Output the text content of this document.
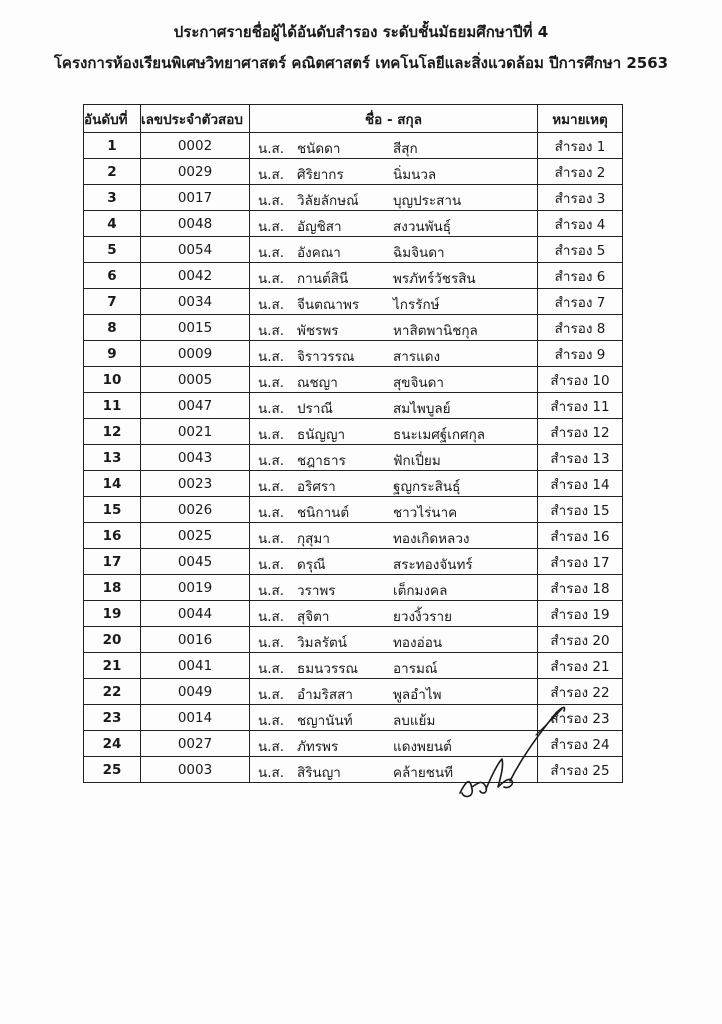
ประกาศรายชื่อผู้ได้อันดับสำรอง ระดับชั้นมัธยมศึกษาปีที่ 4
โครงการห้องเรียนพิเศษวิทยาศาสตร์ คณิตศาสตร์ เทคโนโลยีและสิ่งแวดล้อม ปีการศึกษา 2563
อันดับที่	เลขประจำตัวสอบ	ชื่อ - สกุล	หมายเหตุ
1	0002	น.ส. ชนัดดา สีสุก	สำรอง 1
2	0029	น.ส. ศิริยากร นิ่มนวล	สำรอง 2
3	0017	น.ส. วิลัยลักษณ์ บุญประสาน	สำรอง 3
4	0048	น.ส. อัญชิสา สงวนพันธุ์	สำรอง 4
5	0054	น.ส. อังคณา ฉิมจินดา	สำรอง 5
6	0042	น.ส. กานต์สินี พรภัทร์วัชรสิน	สำรอง 6
7	0034	น.ส. จีนตณาพร ไกรรักษ์	สำรอง 7
8	0015	น.ส. พัชรพร หาสิตพานิชกุล	สำรอง 8
9	0009	น.ส. จิราวรรณ สารแดง	สำรอง 9
10	0005	น.ส. ณชญา สุขจินดา	สำรอง 10
11	0047	น.ส. ปราณี สมไพบูลย์	สำรอง 11
12	0021	น.ส. ธนัญญา ธนะเมศฐ์เกศกุล	สำรอง 12
13	0043	น.ส. ชฎาธาร ฟักเปี่ยม	สำรอง 13
14	0023	น.ส. อริศรา ฐญกระสินธุ์	สำรอง 14
15	0026	น.ส. ชนิกานต์ ชาวไร่นาค	สำรอง 15
16	0025	น.ส. กุสุมา ทองเกิดหลวง	สำรอง 16
17	0045	น.ส. ดรุณี สระทองจันทร์	สำรอง 17
18	0019	น.ส. วราพร เต็กมงคล	สำรอง 18
19	0044	น.ส. สุจิตา ยวงงิ้วราย	สำรอง 19
20	0016	น.ส. วิมลรัตน์ ทองอ่อน	สำรอง 20
21	0041	น.ส. ธมนวรรณ อารมณ์	สำรอง 21
22	0049	น.ส. อำมริสสา พูลอำไพ	สำรอง 22
23	0014	น.ส. ชญานันท์ ลบแย้ม	สำรอง 23
24	0027	น.ส. ภัทรพร แดงพยนต์	สำรอง 24
25	0003	น.ส. สิรินญา คล้ายชนที	สำรอง 25
